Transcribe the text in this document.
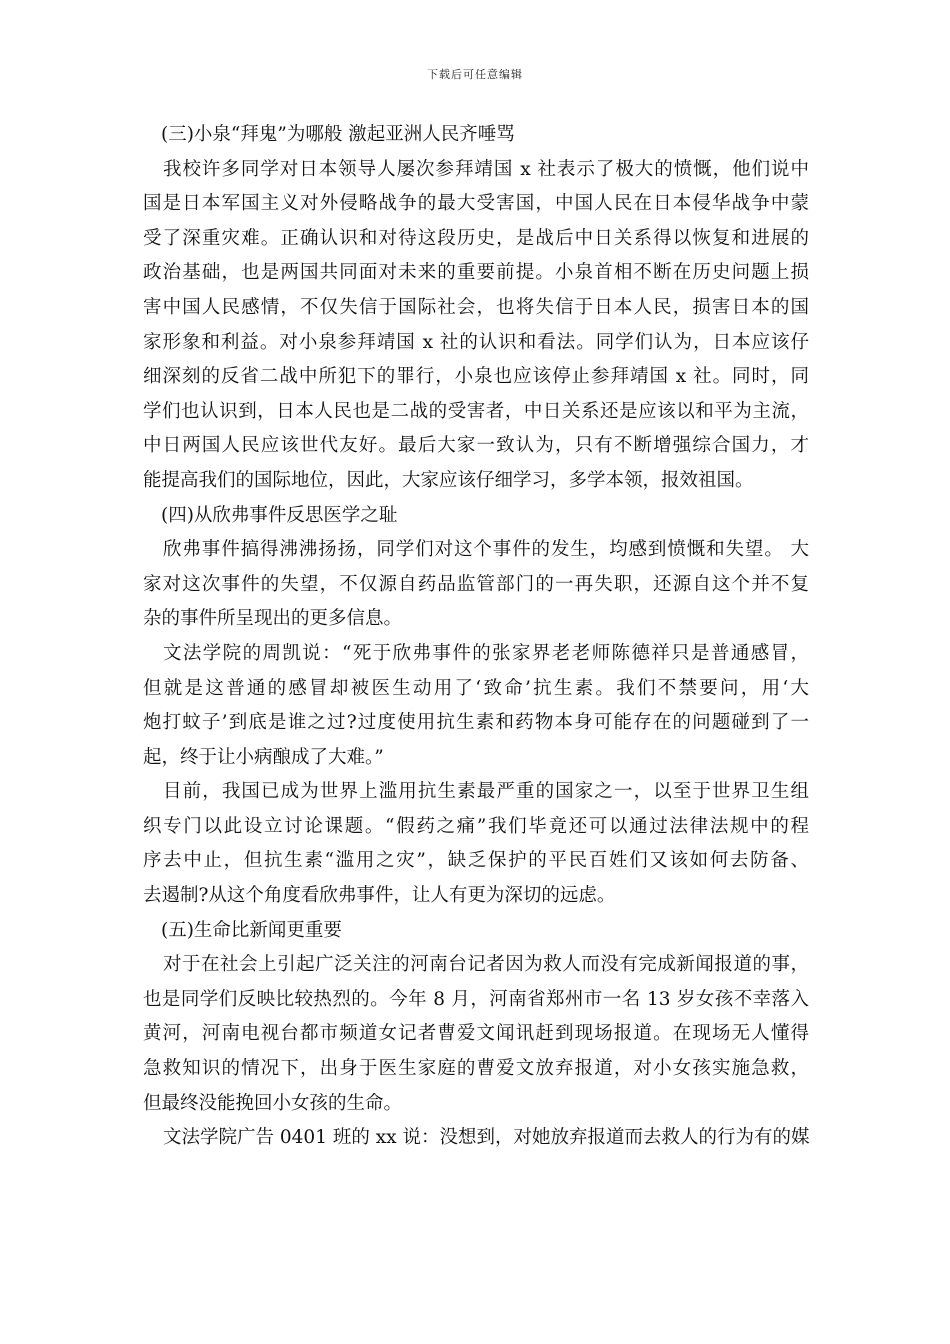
下载后可任意编辑
(三)小泉“拜鬼”为哪般 激起亚洲人民齐唾骂
我校许多同学对日本领导人屡次参拜靖国 x 社表示了极大的愤慨，他们说中
国是日本军国主义对外侵略战争的最大受害国，中国人民在日本侵华战争中蒙
受了深重灾难。正确认识和对待这段历史，是战后中日关系得以恢复和进展的
政治基础，也是两国共同面对未来的重要前提。小泉首相不断在历史问题上损
害中国人民感情，不仅失信于国际社会，也将失信于日本人民，损害日本的国
家形象和利益。对小泉参拜靖国 x 社的认识和看法。同学们认为，日本应该仔
细深刻的反省二战中所犯下的罪行，小泉也应该停止参拜靖国 x 社。同时，同
学们也认识到，日本人民也是二战的受害者，中日关系还是应该以和平为主流，
中日两国人民应该世代友好。最后大家一致认为，只有不断增强综合国力，才
能提高我们的国际地位，因此，大家应该仔细学习，多学本领，报效祖国。
(四)从欣弗事件反思医学之耻
欣弗事件搞得沸沸扬扬，同学们对这个事件的发生，均感到愤慨和失望。 大
家对这次事件的失望，不仅源自药品监管部门的一再失职，还源自这个并不复
杂的事件所呈现出的更多信息。
文法学院的周凯说：“死于欣弗事件的张家界老老师陈德祥只是普通感冒，
但就是这普通的感冒却被医生动用了‘致命’抗生素。我们不禁要问，用‘大
炮打蚊子’到底是谁之过?过度使用抗生素和药物本身可能存在的问题碰到了一
起，终于让小病酿成了大难。”
目前，我国已成为世界上滥用抗生素最严重的国家之一，以至于世界卫生组
织专门以此设立讨论课题。“假药之痛”我们毕竟还可以通过法律法规中的程
序去中止，但抗生素“滥用之灾”，缺乏保护的平民百姓们又该如何去防备、
去遏制?从这个角度看欣弗事件，让人有更为深切的远虑。
(五)生命比新闻更重要
对于在社会上引起广泛关注的河南台记者因为救人而没有完成新闻报道的事，
也是同学们反映比较热烈的。今年 8 月，河南省郑州市一名 13 岁女孩不幸落入
黄河，河南电视台都市频道女记者曹爱文闻讯赶到现场报道。在现场无人懂得
急救知识的情况下，出身于医生家庭的曹爱文放弃报道，对小女孩实施急救，
但最终没能挽回小女孩的生命。
文法学院广告 0401 班的 xx 说：没想到，对她放弃报道而去救人的行为有的媒
